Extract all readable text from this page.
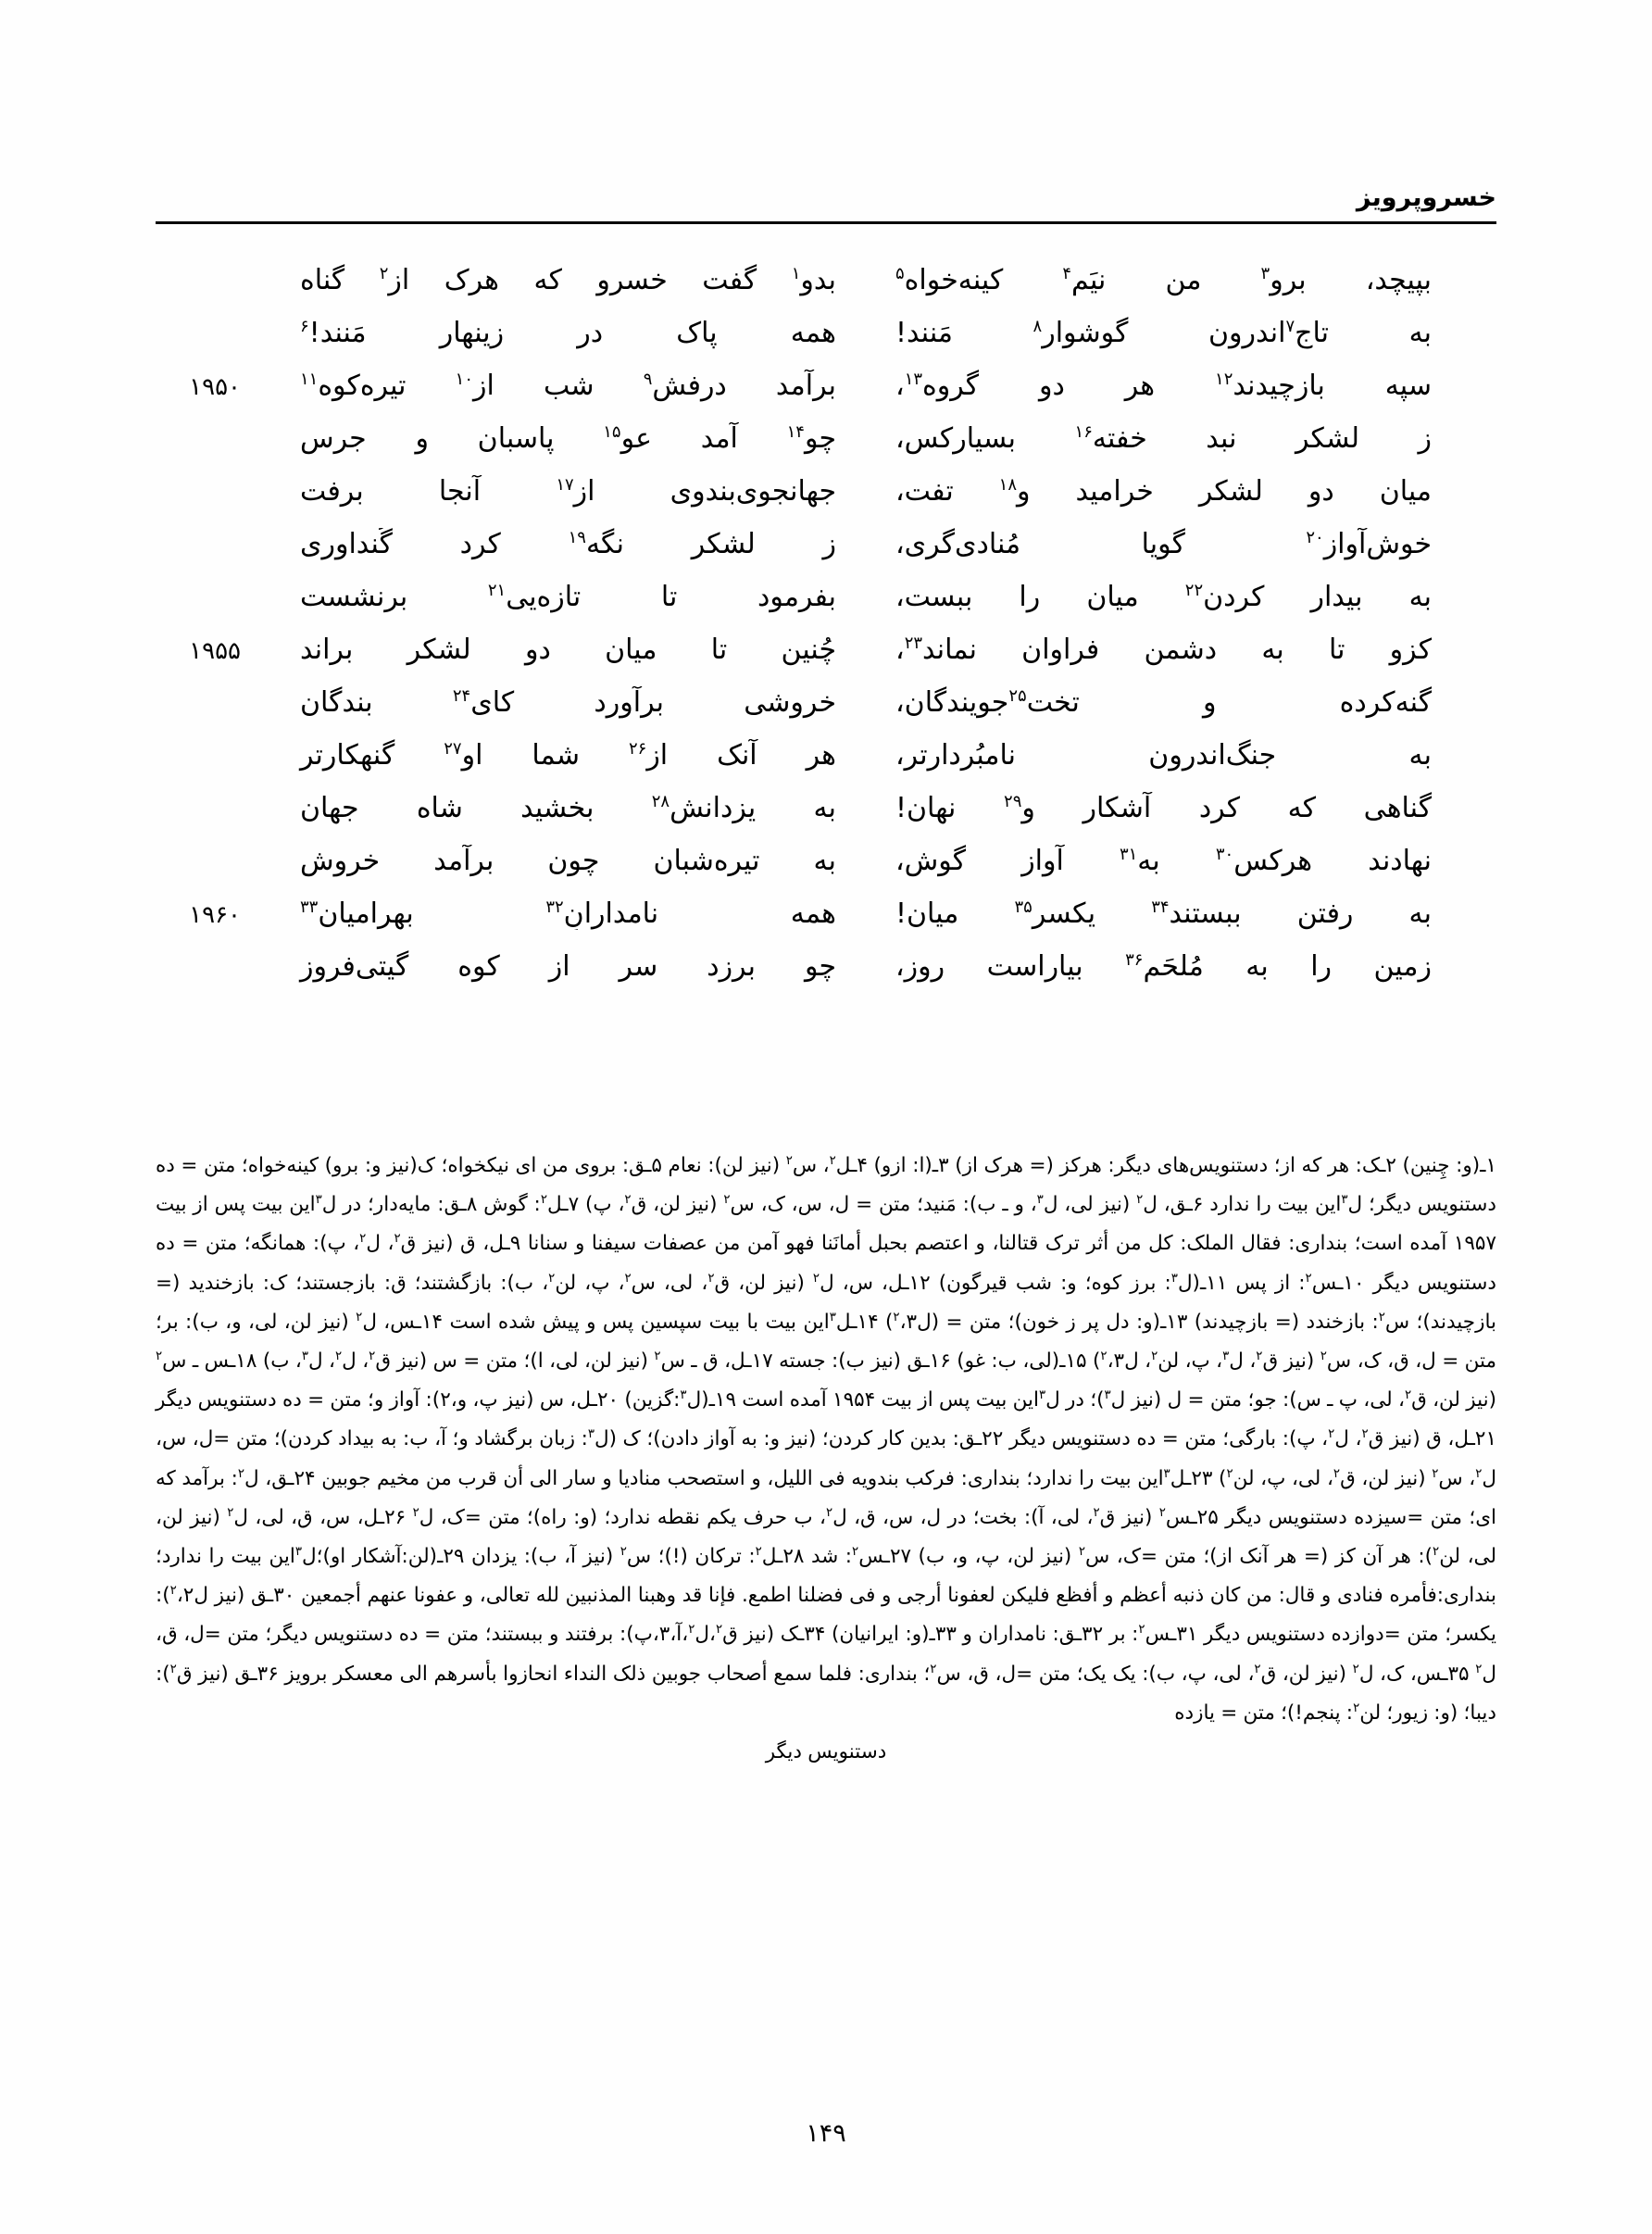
خسروپرویز
بپیچد، برو$^۳$ من نیَم$^۴$ کینه‌خواه$^۵$
بدو$^۱$ گفت خسرو که هرک از$^۲$ گناه
به تاج$^۷$اندرون گوشوار$^۸$ مَنند!
همه پاک در زینهار مَنند!$^۶$
سپه بازچیدند$^{۱۲}$ هر دو گروه$^{۱۳}$،
برآمد درفش$^۹$ شب از$^{۱۰}$ تیره‌کوه$^{۱۱}$
۱۹۵۰
ز لشکر نبد خفته$^{۱۶}$ بسیارکس،
چو$^{۱۴}$ آمد عوِ$^{۱۵}$ پاسبان و جرس
میان دو لشکر خرامید و$^{۱۸}$ تفت،
جهانجوی‌بندوی از$^{۱۷}$ آنجا برفت
خوش‌آواز$^{۲۰}$ گویا مُنادی‌گری،
ز لشکر نگه$^{۱۹}$ کرد گُنداوری
به بیدار کردن$^{۲۲}$ میان را ببست،
بفرمود تا تازه‌یی$^{۲۱}$ برنشست
کزو تا به دشمن فراوان نماند$^{۲۳}$،
چُنین تا میان دو لشکر براند
۱۹۵۵
گنه‌کرده و تخت$^{۲۵}$جویندگان،
خروشی برآورد کای$^{۲۴}$ بندگان
به جنگ‌اندرون نامبُردارتر،
هر آنک از$^{۲۶}$ شما او$^{۲۷}$ گنهکارتر
گناهی که کرد آشکار و$^{۲۹}$ نهان!
به یزدانش$^{۲۸}$ بخشید شاه جهان
نهادند هرکس$^{۳۰}$ به$^{۳۱}$ آواز گوش،
به تیره‌شبان چون برآمد خروش
به رفتن ببستند$^{۳۴}$ یکسر$^{۳۵}$ میان!
همه نامدارانِ$^{۳۲}$ بهرامیان$^{۳۳}$
۱۹۶۰
زمین را به مُلحَم$^{۳۶}$ بیاراست روز،
چو برزد سر از کوه گیتی‌فروز

۱ـ(و: چِنین) ۲ـک: هر که از؛ دستنویس‌های دیگر: هرکز (= هرک از) ۳ـ(ا: ازو) ۴ـل$^۲$، س$^۲$ (نیز لن): نعام ۵ـق: بروی من ای نیکخواه؛ ک(نیز و: برو) کینه‌خواه؛ متن = ده دستنویس دیگر؛ ل$^۳$این بیت را ندارد ۶ـق، ل$^۲$ (نیز لی، ل$^۳$، و ـ ب): مَنید؛ متن = ل، س، ک، س$^۲$ (نیز لن، ق$^۲$، پ) ۷ـل$^۲$: گوش ۸ـق: مایه‌دار؛ در ل$^۳$این بیت پس از بیت ۱۹۵۷ آمده است؛ بنداری: فقال الملک: کل من أثر ترک قتالنا، و اعتصم بحبل أمانَنا فهو آمن من عصفات سیفنا و سنانا ۹ـل، ق (نیز ق$^۲$، ل$^۲$، پ): همانگه؛ متن = ده دستنویس دیگر ۱۰ـس$^۲$: از پس ۱۱ـ(ل$^۳$: برز کوه؛ و: شب قیرگون) ۱۲ـل، س، ل$^۲$ (نیز لن، ق$^۲$، لی، س$^۲$، پ، لن$^۲$، ب): بازگشتند؛ ق: بازجستند؛ ک: بازخندید (= بازچیدند)؛ س$^۲$: بازخندد (= بازچیدند) ۱۳ـ(و: دل پر ز خون)؛ متن = (ل$^۲$،۳) ۱۴ـل$^۳$این بیت با بیت سپسین پس و پیش شده است ۱۴ـس، ل$^۲$ (نیز لن، لی، و، ب): بر؛ متن = ل، ق، ک، س$^۲$ (نیز ق$^۲$، ل$^۳$، پ، لن$^۲$، ل$^۲$،۳) ۱۵ـ(لی، ب: غو) ۱۶ـق (نیز ب): جسته ۱۷ـل، ق ـ س$^۲$ (نیز لن، لی، ا)؛ متن = س (نیز ق$^۲$، ل$^۲$، ل$^۳$، ب) ۱۸ـس ـ س$^۲$ (نیز لن، ق$^۲$، لی، پ ـ س): جو؛ متن = ل (نیز ل$^۳$)؛ در ل$^۳$این بیت پس از بیت ۱۹۵۴ آمده است ۱۹ـ(ل$^۳$:گزین) ۲۰ـل، س (نیز پ، و،۲): آواز و؛ متن = ده دستنویس دیگر ۲۱ـل، ق (نیز ق$^۲$، ل$^۲$، پ): بارگی؛ متن = ده دستنویس دیگر ۲۲ـق: بدین کار کردن؛ (نیز و: به آواز دادن)؛ ک (ل$^۳$: زبان برگشاد و؛ آ، ب: به بیداد کردن)؛ متن =ل، س، ل$^۲$، س$^۲$ (نیز لن، ق$^۲$، لی، پ، لن$^۲$) ۲۳ـل$^۳$این بیت را ندارد؛ بنداری: فرکب بندویه فی اللیل، و استصحب منادیا و سار الی أن قرب من مخیم جوبین ۲۴ـق، ل$^۲$: برآمد که ای؛ متن =سیزده دستنویس دیگر ۲۵ـس$^۲$ (نیز ق$^۲$، لی، آ): بخت؛ در ل، س، ق، ل$^۲$، ب حرف یکم نقطه ندارد؛ (و: راه)؛ متن =ک، ل$^۲$ ۲۶ـل، س، ق، لی، ل$^۲$ (نیز لن، لی، لن$^۲$): هر آن کز (= هر آنک از)؛ متن =ک، س$^۲$ (نیز لن، پ، و، ب) ۲۷ـس$^۲$: شد ۲۸ـل$^۲$: ترکان (!)؛ س$^۲$ (نیز آ، ب): یزدان ۲۹ـ(لن:آشکار او)؛ل$^۳$این بیت را ندارد؛ بنداری:فأمره فنادی و قال: من کان ذنبه أعظم و أفظع فلیکن لعفونا أرجی و فی فضلنا اطمع. فإنا قد وهبنا المذنبین لله تعالی، و عفونا عنهم أجمعین ۳۰ـق (نیز ل$^۲$،۲): یکسر؛ متن =دوازده دستنویس دیگر ۳۱ـس$^۲$: بر ۳۲ـق: نامداران و ۳۳ـ(و: ایرانیان) ۳۴ـک (نیز ق$^۲$،ل$^۲$،آ،۳،پ): برفتند و ببستند؛ متن = ده دستنویس دیگر؛ متن =ل، ق، ل$^۲$ ۳۵ـس، ک، ل$^۲$ (نیز لن، ق$^۲$، لی، پ، ب): یک یک؛ متن =ل، ق، س$^۲$؛ بنداری: فلما سمع أصحاب جوبین ذلک النداء انحازوا بأسرهم الی معسکر برویز ۳۶ـق (نیز ق$^۲$): دیبا؛ (و: زیور؛ لن$^۲$: پنجم!)؛ متن = یازده

دستنویس دیگر
۱۴۹
